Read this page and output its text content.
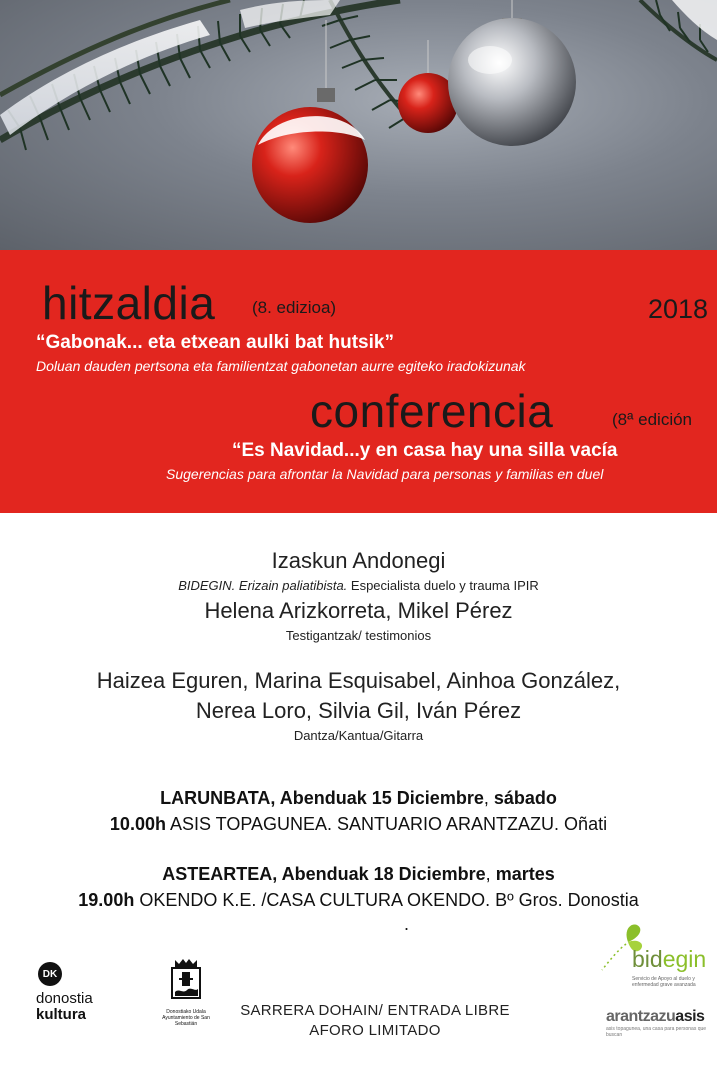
hitzaldia (8. edizioa)	2018
“Gabonak... eta etxean aulki bat hutsik”
Doluan dauden pertsona eta familientzat gabonetan aurre egiteko iradokizunak
conferencia	(8ª edición
“Es Navidad...y en casa hay una silla vacía
Sugerencias para afrontar la Navidad para personas y familias en duel
Izaskun Andonegi
BIDEGIN. Erizain paliatibista. Especialista duelo y trauma IPIR
Helena Arizkorreta, Mikel Pérez
Testigantzak/ testimonios
Haizea Eguren, Marina Esquisabel, Ainhoa González,
Nerea Loro, Silvia Gil, Iván Pérez
Dantza/Kantua/Gitarra
LARUNBATA, Abenduak 15 Diciembre, sábado
10.00h ASIS TOPAGUNEA. SANTUARIO ARANTZAZU. Oñati
ASTEARTEA, Abenduak 18 Diciembre, martes
19.00h OKENDO K.E. /CASA CULTURA OKENDO. Bº Gros. Donostia
.
DK
donostia
kultura	Donostiako Udala
Ayuntamiento de San Sebastián
SARRERA DOHAIN/ ENTRADA LIBRE
AFORO LIMITADO
bidegin
Servicio de Apoyo al duelo y enfermedad grave avanzada
arantzazuasis
asis topagunea, una casa para personas que buscan
